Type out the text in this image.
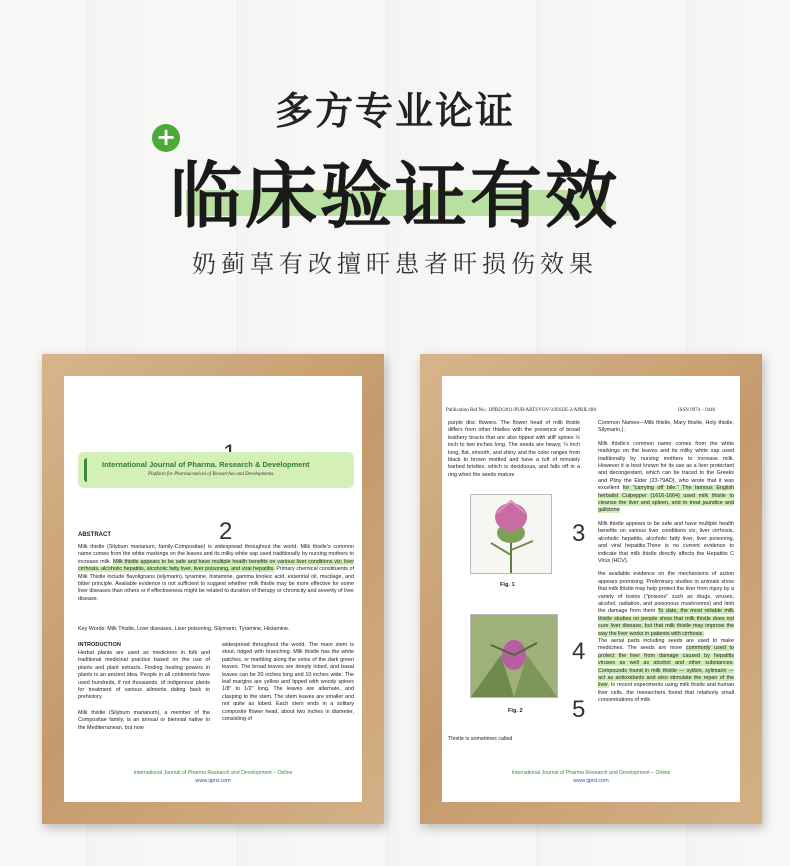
多方专业论证
+
临床验证有效
奶蓟草有改擅旰患者旰损伤效果
International Journal of Pharma. Research & Development
Platform for Pharmaceutical of Researches and Developments
2
ABSTRACT
Milk thistle (Silybum marianum, family-Compositae) is widespread throughout the world. Milk thistle's common name comes from the white markings on the leaves and its milky white sap used traditionally by nursing mothers to increase milk. Milk thistle appears to be safe and have multiple health benefits on various liver conditions viz; liver cirrhosis, alcoholic hepatitis, alcoholic fatty liver, liver poisoning, and viral hepatitis. Primary chemical constituents of Milk Thistle include flavolignans (silymarin), tyramine, histamine, gamma linoleic acid, essential oil, mucilage, and bitter principle. Available evidence is not sufficient to suggest whether milk thistle may be more effective for some liver diseases than others or if effectiveness might be related to duration of therapy or chronicity and severity of liver disease.
Key Words: Milk Thistle, Liver diseases, Liver poisoning, Silymarin, Tyramine, Histamine.
INTRODUCTION
Herbal plants are used as medicines in folk and traditional medicinal practice based on the use of plants and plant extracts. Finding healing powers in plants is an ancient idea. People in all continents have used hundreds, if not thousands, of indigenous plants for treatment of various ailments dating back to prehistory.
Milk thistle (Silybum marianum), a member of the Compositae family, is an annual or biennial native to the Mediterranean, but now
widespread throughout the world. The main stem is stout, ridged with branching. Milk thistle has the white patches, or marbling along the veins of the dark green leaves. The broad leaves are deeply lobed, and basal leaves can be 20 inches long and 10 inches wide. The leaf margins are yellow and tipped with woody spines 1/8" to 1/2" long. The leaves are alternate, and clasping to the stem. The stem leaves are smaller and not quite as lobed. Each stem ends in a solitary composite flower head, about two inches in diameter, consisting of
International Journal of Pharma Research and Development – Online
www.ijprd.com
Publication Ref No.: IJPRD/2011/PUB/ARTI/VOV-3/ISSUE-2/APRIL/001	ISSN 0974 – 9446
purple disc flowers. The flower head of milk thistle differs from other thistles with the presence of broad leathery bracts that are also tipped with stiff spines ½ inch to two inches long. The seeds are heavy, ¼ inch long, flat, smooth, and shiny and the color ranges from black to brown mottled and have a tuft of minutely barbed bristles, which is deciduous, and falls off in a ring when the seeds mature
Fig. 1
Fig. 2
Thistle is sometimes called
Common Names—Milk thistle, Mary thistle, Holy thistle, Silymarin,).
Milk thistle's common name comes from the white markings on the leaves and its milky white sap used traditionally by nursing mothers to increase milk. However it is best known for its use as a liver protectant and decongestant, which can be traced to the Greeks and Pliny the Elder (23-79AD), who wrote that it was excellent for "carrying off bile." The famous English herbalist Culpepper (1616-1664) used milk thistle to cleanse the liver and spleen, and to treat jaundice and gallstone
Milk thistle appears to be safe and have multiple health benefits on various liver conditions viz; liver cirrhosis, alcoholic hepatitis, alcoholic fatty liver, liver poisoning, and viral hepatitis.There is no current evidence to indicate that milk thistle directly affects the Hepatitis C Virus (HCV).
the available evidence on the mechanisms of action appears promising. Preliminary studies in animals show that milk thistle may help protect the liver from injury by a variety of toxins ("poisons" such as drugs, viruses, alcohol, radiation, and poisonous mushrooms) and limit the damage from them To date, the most reliable milk thistle studies on people show that milk thistle does not cure liver disease, but that milk thistle may improve the way the liver works in patients with cirrhosis.
The aerial parts including seeds are used to make medicines. The seeds are more commonly used to protect the liver from damage caused by hepatitis viruses as well as alcohol and other substances. Compounds found in milk thistle — sylibin, sylimarin — act as antioxidants and also stimulate the repair of the liver. In recent experiments using milk thistle and human liver cells, the researchers found that relatively small concentrations of milk
3
4
5
International Journal of Pharma Research and Development – Online
www.ijprd.com
